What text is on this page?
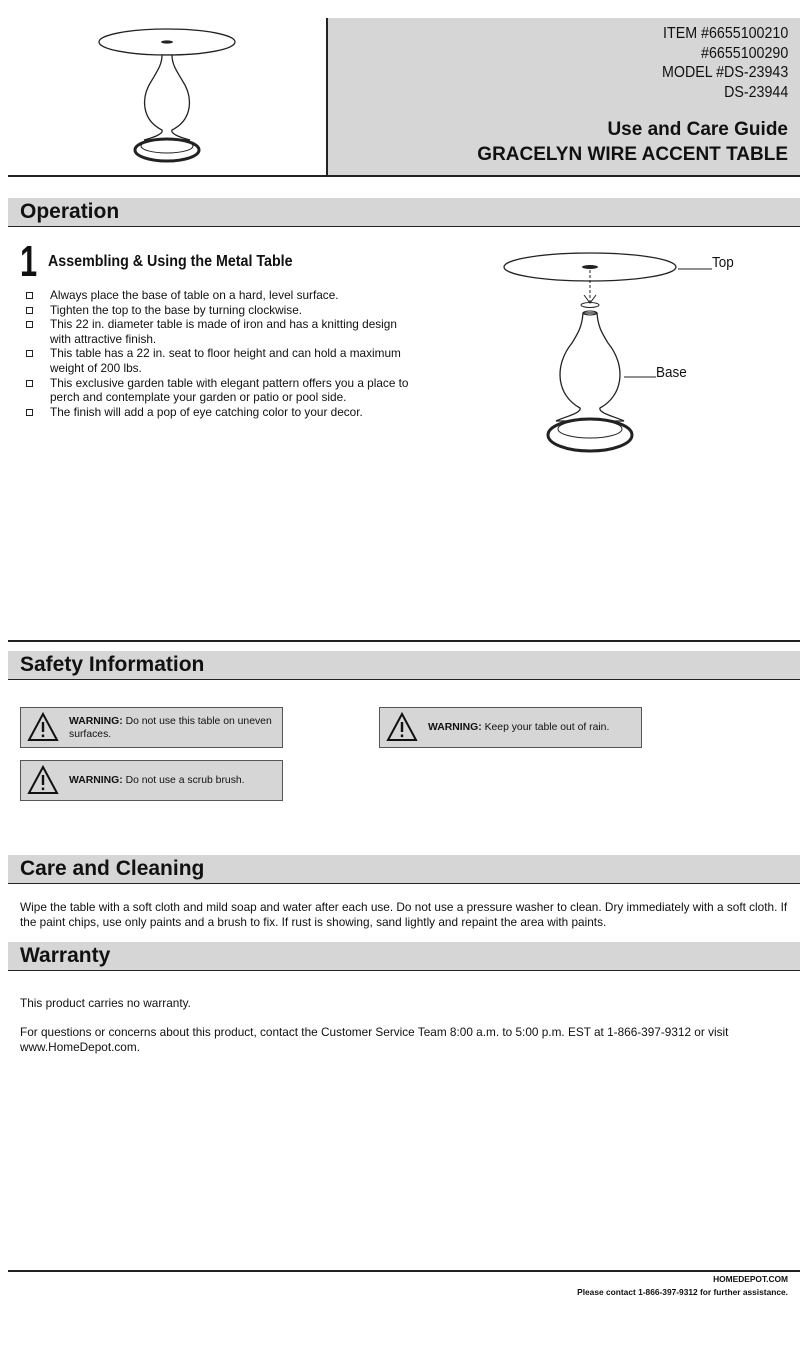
ITEM #6655100210
#6655100290
MODEL #DS-23943
DS-23944
Use and Care Guide
GRACELYN WIRE ACCENT TABLE
Operation
1 Assembling & Using the Metal Table
Always place the base of table on a hard, level surface.
Tighten the top to the base by turning clockwise.
This 22 in. diameter table is made of iron and has a knitting design with attractive finish.
This table has a 22 in. seat to floor height and can hold a maximum weight of 200 lbs.
This exclusive garden table with elegant pattern offers you a place to perch and contemplate your garden or patio or pool side.
The finish will add a pop of eye catching color to your decor.
Top
Base
Safety Information
WARNING: Do not use this table on uneven surfaces.
WARNING: Keep your table out of rain.
WARNING: Do not use a scrub brush.
Care and Cleaning
Wipe the table with a soft cloth and mild soap and water after each use. Do not use a pressure washer to clean. Dry immediately with a soft cloth. If the paint chips, use only paints and a brush to fix. If rust is showing, sand lightly and repaint the area with paints.
Warranty
This product carries no warranty.
For questions or concerns about this product, contact the Customer Service Team 8:00 a.m. to 5:00 p.m. EST at 1-866-397-9312 or visit www.HomeDepot.com.
HOMEDEPOT.COM
Please contact 1-866-397-9312 for further assistance.
